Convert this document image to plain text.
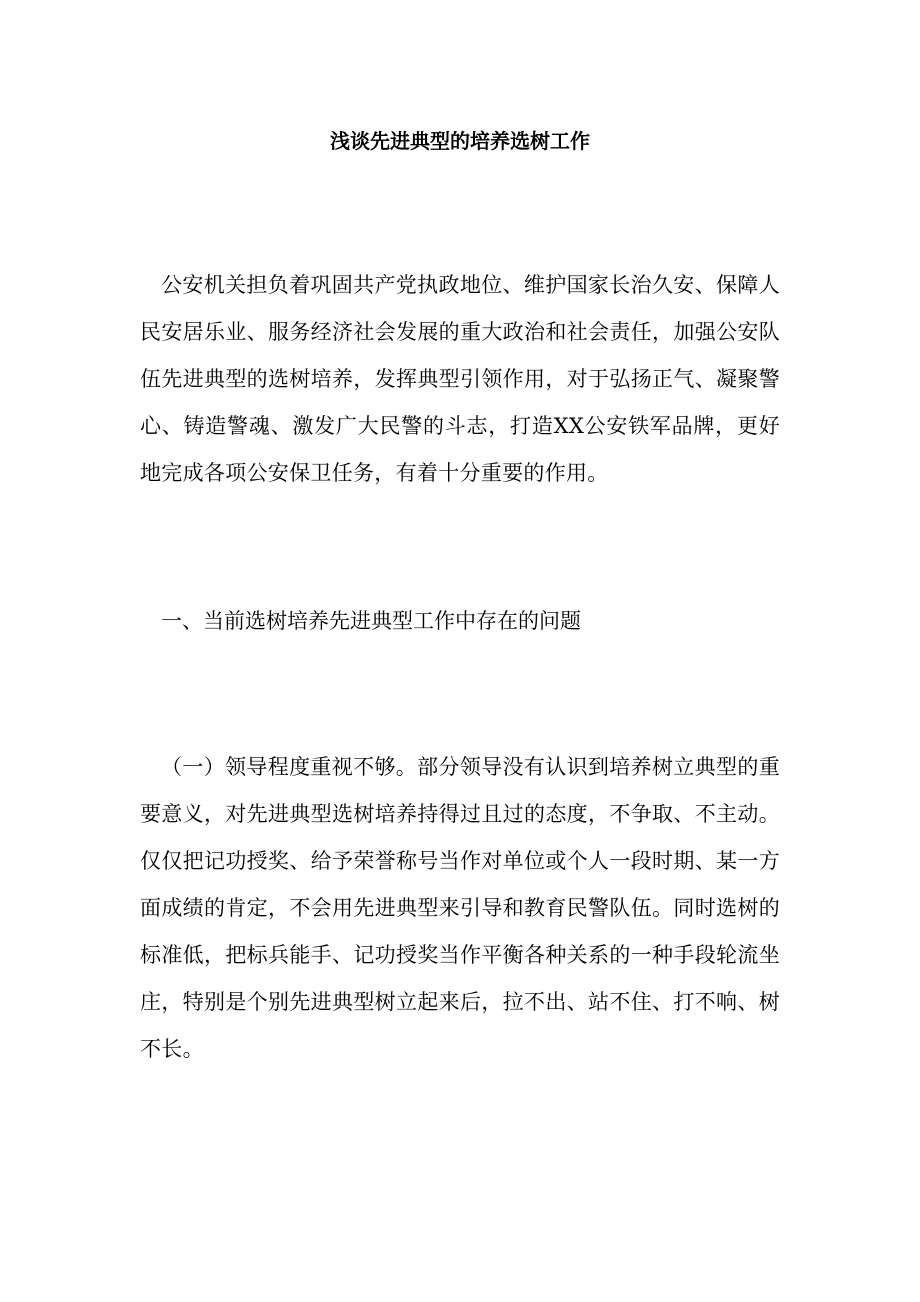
浅谈先进典型的培养选树工作

公安机关担负着巩固共产党执政地位、维护国家长治久安、保障人民安居乐业、服务经济社会发展的重大政治和社会责任，加强公安队伍先进典型的选树培养，发挥典型引领作用，对于弘扬正气、凝聚警心、铸造警魂、激发广大民警的斗志，打造XX公安铁军品牌，更好地完成各项公安保卫任务，有着十分重要的作用。

一、当前选树培养先进典型工作中存在的问题

（一）领导程度重视不够。部分领导没有认识到培养树立典型的重要意义，对先进典型选树培养持得过且过的态度，不争取、不主动。仅仅把记功授奖、给予荣誉称号当作对单位或个人一段时期、某一方面成绩的肯定，不会用先进典型来引导和教育民警队伍。同时选树的标准低，把标兵能手、记功授奖当作平衡各种关系的一种手段轮流坐庄，特别是个别先进典型树立起来后，拉不出、站不住、打不响、树不长。
